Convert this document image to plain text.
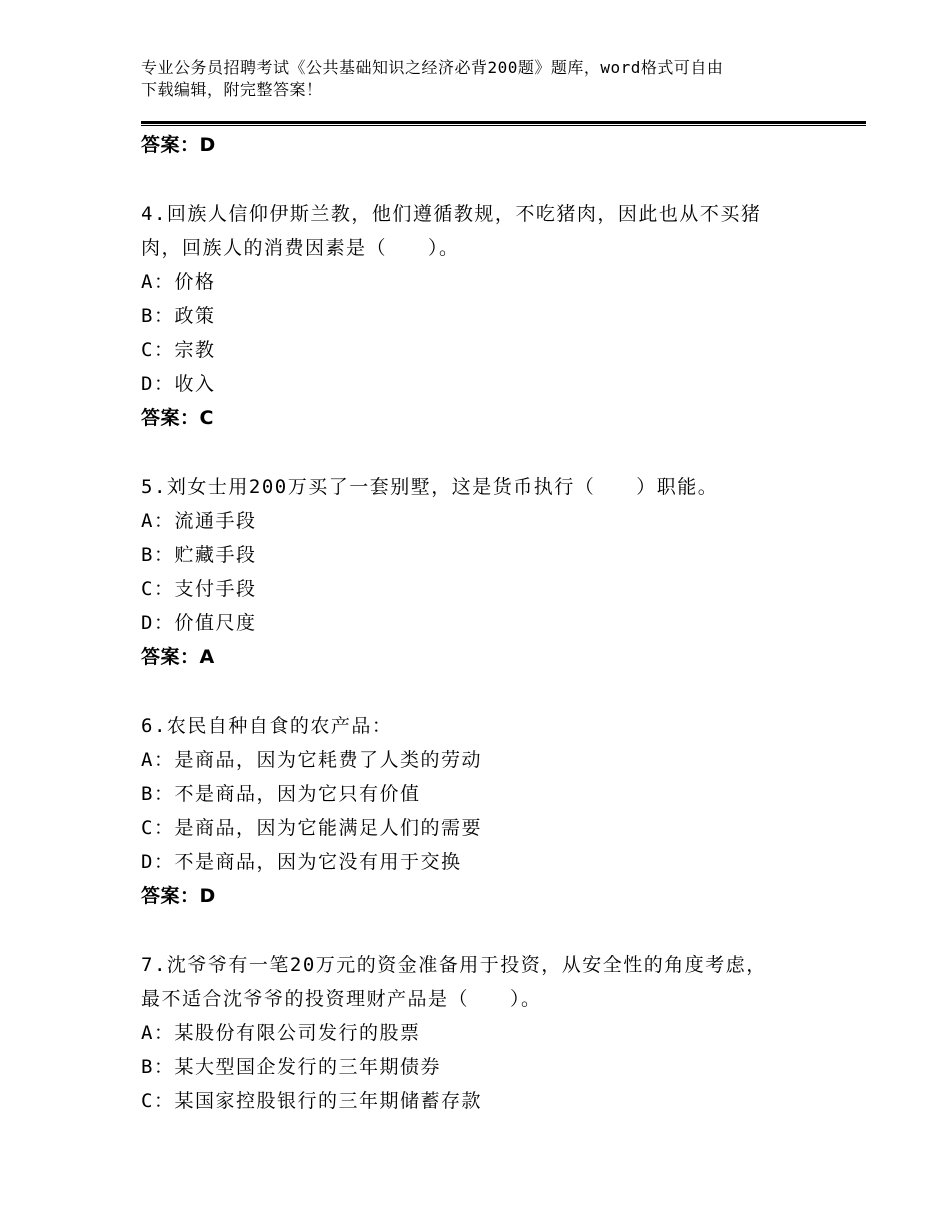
专业公务员招聘考试《公共基础知识之经济必背200题》题库，word格式可自由
下载编辑，附完整答案！
答案：D
4.回族人信仰伊斯兰教，他们遵循教规，不吃猪肉，因此也从不买猪
肉，回族人的消费因素是（　　）。
A：价格
B：政策
C：宗教
D：收入
答案：C
5.刘女士用200万买了一套别墅，这是货币执行（　　）职能。
A：流通手段
B：贮藏手段
C：支付手段
D：价值尺度
答案：A
6.农民自种自食的农产品：
A：是商品，因为它耗费了人类的劳动
B：不是商品，因为它只有价值
C：是商品，因为它能满足人们的需要
D：不是商品，因为它没有用于交换
答案：D
7.沈爷爷有一笔20万元的资金准备用于投资，从安全性的角度考虑，
最不适合沈爷爷的投资理财产品是（　　）。
A：某股份有限公司发行的股票
B：某大型国企发行的三年期债券
C：某国家控股银行的三年期储蓄存款
